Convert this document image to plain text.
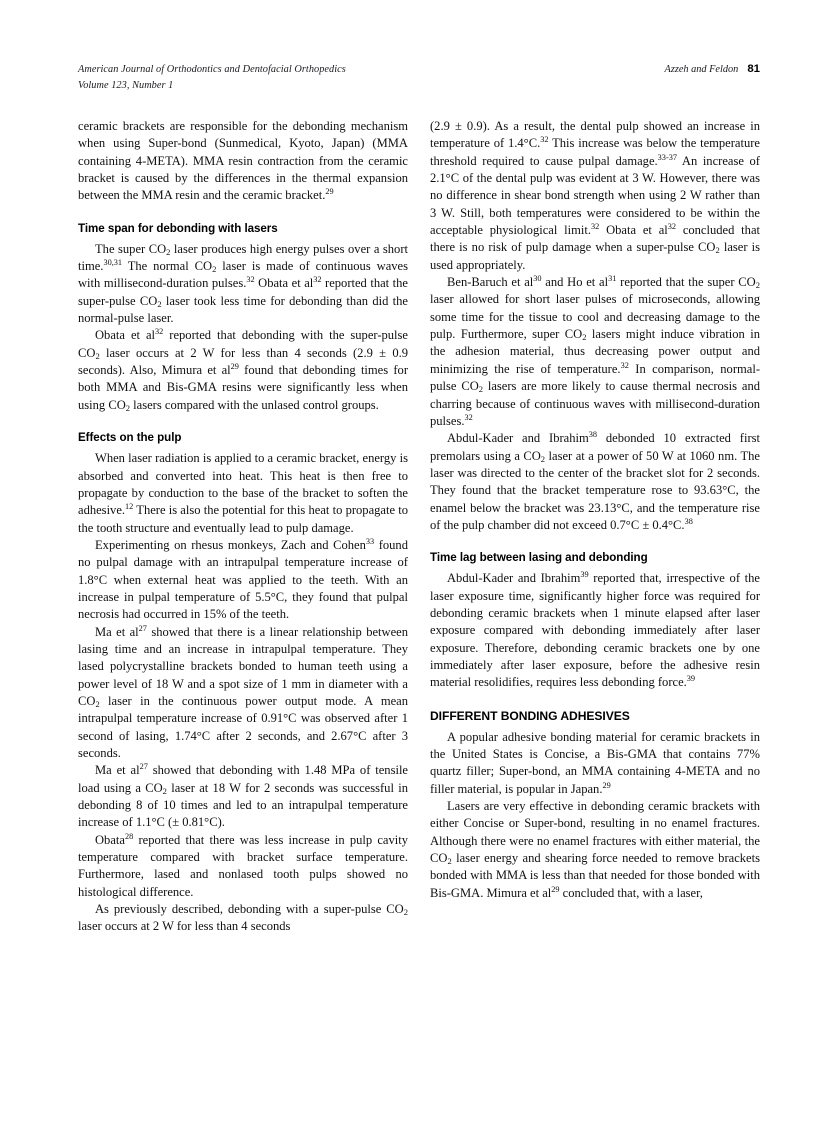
American Journal of Orthodontics and Dentofacial Orthopedics
Volume 123, Number 1
Azzeh and Feldon 81

ceramic brackets are responsible for the debonding mechanism when using Super-bond (Sunmedical, Kyoto, Japan) (MMA containing 4-META). MMA resin contraction from the ceramic bracket is caused by the differences in the thermal expansion between the MMA resin and the ceramic bracket.$^{29}$

Time span for debonding with lasers

The super $CO_2$ laser produces high energy pulses over a short time.$^{30,31}$ The normal $CO_2$ laser is made of continuous waves with millisecond-duration pulses.$^{32}$ Obata et $al^{32}$ reported that the super-pulse $CO_2$ laser took less time for debonding than did the normal-pulse laser.

Obata et $al^{32}$ reported that debonding with the super-pulse $CO_2$ laser occurs at 2 W for less than 4 seconds (2.9 ± 0.9 seconds). Also, Mimura et $al^{29}$ found that debonding times for both MMA and Bis-GMA resins were significantly less when using $CO_2$ lasers compared with the unlased control groups.

Effects on the pulp

When laser radiation is applied to a ceramic bracket, energy is absorbed and converted into heat. This heat is then free to propagate by conduction to the base of the bracket to soften the adhesive.$^{12}$ There is also the potential for this heat to propagate to the tooth structure and eventually lead to pulp damage.

Experimenting on rhesus monkeys, Zach and Cohen$^{33}$ found no pulpal damage with an intrapulpal temperature increase of 1.8°C when external heat was applied to the teeth. With an increase in pulpal temperature of 5.5°C, they found that pulpal necrosis had occurred in 15% of the teeth.

Ma et $al^{27}$ showed that there is a linear relationship between lasing time and an increase in intrapulpal temperature. They lased polycrystalline brackets bonded to human teeth using a power level of 18 W and a spot size of 1 mm in diameter with a $CO_2$ laser in the continuous power output mode. A mean intrapulpal temperature increase of 0.91°C was observed after 1 second of lasing, 1.74°C after 2 seconds, and 2.67°C after 3 seconds.

Ma et $al^{27}$ showed that debonding with 1.48 MPa of tensile load using a $CO_2$ laser at 18 W for 2 seconds was successful in debonding 8 of 10 times and led to an intrapulpal temperature increase of 1.1°C (± 0.81°C).

Obata$^{28}$ reported that there was less increase in pulp cavity temperature compared with bracket surface temperature. Furthermore, lased and nonlased tooth pulps showed no histological difference.

As previously described, debonding with a super-pulse $CO_2$ laser occurs at 2 W for less than 4 seconds

(2.9 ± 0.9). As a result, the dental pulp showed an increase in temperature of 1.4°C.$^{32}$ This increase was below the temperature threshold required to cause pulpal damage.$^{33-37}$ An increase of 2.1°C of the dental pulp was evident at 3 W. However, there was no difference in shear bond strength when using 2 W rather than 3 W. Still, both temperatures were considered to be within the acceptable physiological limit.$^{32}$ Obata et $al^{32}$ concluded that there is no risk of pulp damage when a super-pulse $CO_2$ laser is used appropriately.

Ben-Baruch et $al^{30}$ and Ho et $al^{31}$ reported that the super $CO_2$ laser allowed for short laser pulses of microseconds, allowing some time for the tissue to cool and decreasing damage to the pulp. Furthermore, super $CO_2$ lasers might induce vibration in the adhesion material, thus decreasing power output and minimizing the rise of temperature.$^{32}$ In comparison, normal-pulse $CO_2$ lasers are more likely to cause thermal necrosis and charring because of continuous waves with millisecond-duration pulses.$^{32}$

Abdul-Kader and Ibrahim$^{38}$ debonded 10 extracted first premolars using a $CO_2$ laser at a power of 50 W at 1060 nm. The laser was directed to the center of the bracket slot for 2 seconds. They found that the bracket temperature rose to 93.63°C, the enamel below the bracket was 23.13°C, and the temperature rise of the pulp chamber did not exceed 0.7°C ± 0.4°C.$^{38}$

Time lag between lasing and debonding

Abdul-Kader and Ibrahim$^{39}$ reported that, irrespective of the laser exposure time, significantly higher force was required for debonding ceramic brackets when 1 minute elapsed after laser exposure compared with debonding immediately after laser exposure. Therefore, debonding ceramic brackets one by one immediately after laser exposure, before the adhesive resin material resolidifies, requires less debonding force.$^{39}$

DIFFERENT BONDING ADHESIVES

A popular adhesive bonding material for ceramic brackets in the United States is Concise, a Bis-GMA that contains 77% quartz filler; Super-bond, an MMA containing 4-META and no filler material, is popular in Japan.$^{29}$

Lasers are very effective in debonding ceramic brackets with either Concise or Super-bond, resulting in no enamel fractures. Although there were no enamel fractures with either material, the $CO_2$ laser energy and shearing force needed to remove brackets bonded with MMA is less than that needed for those bonded with Bis-GMA. Mimura et $al^{29}$ concluded that, with a laser,
